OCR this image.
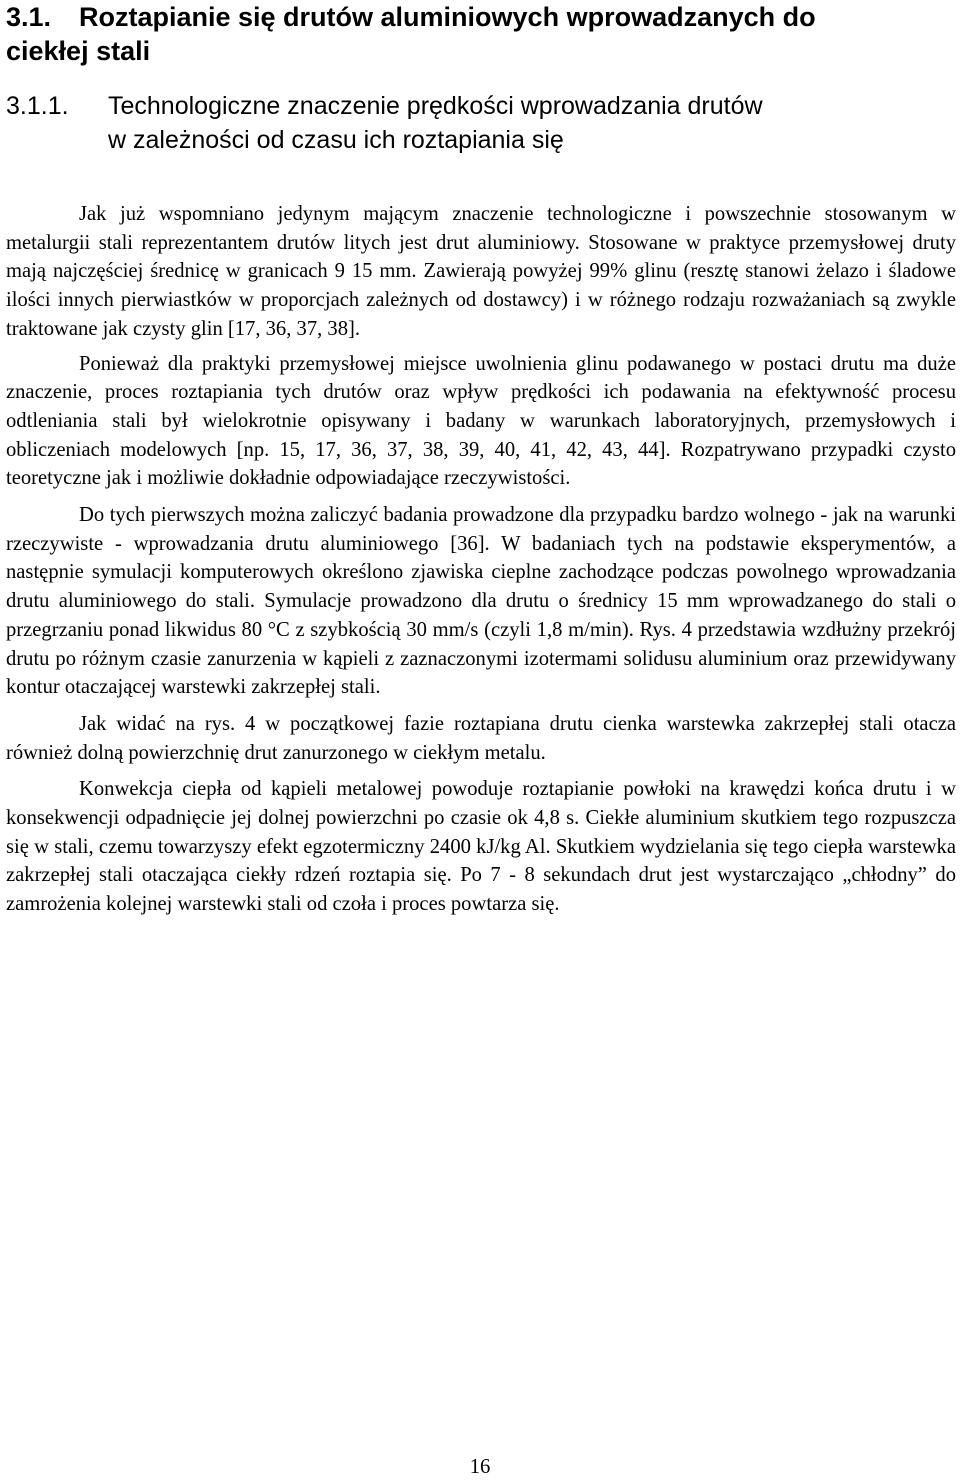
3.1. Roztapianie się drutów aluminiowych wprowadzanych do
ciekłej stali
3.1.1. Technologiczne znaczenie prędkości wprowadzania drutów
w zależności od czasu ich roztapiania się

Jak już wspomniano jedynym mającym znaczenie technologiczne i powszechnie stosowanym w metalurgii stali reprezentantem drutów litych jest drut aluminiowy. Stosowane w praktyce przemysłowej druty mają najczęściej średnicę w granicach 9 15 mm. Zawierają powyżej 99% glinu (resztę stanowi żelazo i śladowe ilości innych pierwiastków w proporcjach zależnych od dostawcy) i w różnego rodzaju rozważaniach są zwykle traktowane jak czysty glin [17, 36, 37, 38].

Ponieważ dla praktyki przemysłowej miejsce uwolnienia glinu podawanego w postaci drutu ma duże znaczenie, proces roztapiania tych drutów oraz wpływ prędkości ich podawania na efektywność procesu odtleniania stali był wielokrotnie opisywany i badany w warunkach laboratoryjnych, przemysłowych i obliczeniach modelowych [np. 15, 17, 36, 37, 38, 39, 40, 41, 42, 43, 44]. Rozpatrywano przypadki czysto teoretyczne jak i możliwie dokładnie odpowiadające rzeczywistości.

Do tych pierwszych można zaliczyć badania prowadzone dla przypadku bardzo wolnego - jak na warunki rzeczywiste - wprowadzania drutu aluminiowego [36]. W badaniach tych na podstawie eksperymentów, a następnie symulacji komputerowych określono zjawiska cieplne zachodzące podczas powolnego wprowadzania drutu aluminiowego do stali. Symulacje prowadzono dla drutu o średnicy 15 mm wprowadzanego do stali o przegrzaniu ponad likwidus 80 °C z szybkością 30 mm/s (czyli 1,8 m/min). Rys. 4 przedstawia wzdłużny przekrój drutu po różnym czasie zanurzenia w kąpieli z zaznaczonymi izotermami solidusu aluminium oraz przewidywany kontur otaczającej warstewki zakrzepłej stali.

Jak widać na rys. 4 w początkowej fazie roztapiana drutu cienka warstewka zakrzepłej stali otacza również dolną powierzchnię drut zanurzonego w ciekłym metalu.

Konwekcja ciepła od kąpieli metalowej powoduje roztapianie powłoki na krawędzi końca drutu i w konsekwencji odpadnięcie jej dolnej powierzchni po czasie ok 4,8 s. Ciekłe aluminium skutkiem tego rozpuszcza się w stali, czemu towarzyszy efekt egzotermiczny 2400 kJ/kg Al. Skutkiem wydzielania się tego ciepła warstewka zakrzepłej stali otaczająca ciekły rdzeń roztapia się. Po 7 - 8 sekundach drut jest wystarczająco „chłodny” do zamrożenia kolejnej warstewki stali od czoła i proces powtarza się.

16
